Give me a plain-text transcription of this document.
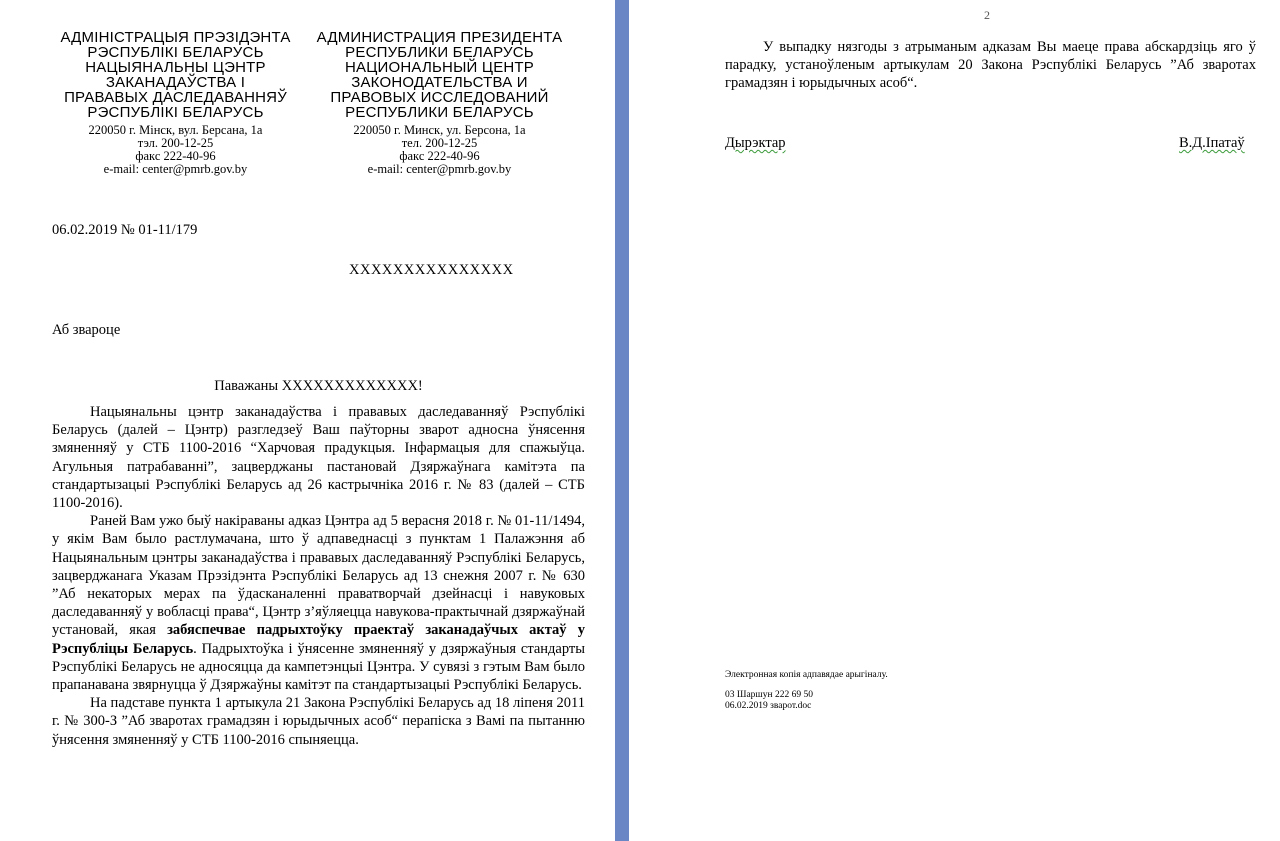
АДМІНІСТРАЦЫЯ ПРЭЗІДЭНТА
РЭСПУБЛІКІ БЕЛАРУСЬ
НАЦЫЯНАЛЬНЫ ЦЭНТР
ЗАКАНАДАЎСТВА І
ПРАВАВЫХ ДАСЛЕДАВАННЯЎ
РЭСПУБЛІКІ БЕЛАРУСЬ
220050 г. Мінск, вул. Берсана, 1а
тэл. 200-12-25
факс 222-40-96
e-mail: center@pmrb.gov.by
АДМИНИСТРАЦИЯ ПРЕЗИДЕНТА
РЕСПУБЛИКИ БЕЛАРУСЬ
НАЦИОНАЛЬНЫЙ ЦЕНТР
ЗАКОНОДАТЕЛЬСТВА И
ПРАВОВЫХ ИССЛЕДОВАНИЙ
РЕСПУБЛИКИ БЕЛАРУСЬ
220050 г. Минск, ул. Берсона, 1а
тел. 200-12-25
факс 222-40-96
e-mail: center@pmrb.gov.by
06.02.2019 № 01-11/179
XXXXXXXXXXXXXXX
Аб звароце
Паважаны XXXXXXXXXXXXX!

Нацыянальны цэнтр заканадаўства і прававых даследаванняў Рэспублікі Беларусь (далей – Цэнтр) разгледзеў Ваш паўторны зварот адносна ўнясення змяненняў у СТБ 1100-2016 “Харчовая прадукцыя. Інфармацыя для спажыўца. Агульныя патрабаванні”, зацверджаны пастановай Дзяржаўнага камітэта па стандартызацыі Рэспублікі Беларусь ад 26 кастрычніка 2016 г. № 83 (далей – СТБ 1100-2016).

Раней Вам ужо быў накіраваны адказ Цэнтра ад 5 верасня 2018 г. № 01-11/1494, у якім Вам было растлумачана, што ў адпаведнасці з пунктам 1 Палажэння аб Нацыянальным цэнтры заканадаўства і прававых даследаванняў Рэспублікі Беларусь, зацверджанага Указам Прэзідэнта Рэспублікі Беларусь ад 13 снежня 2007 г. № 630 ”Аб некаторых мерах па ўдасканаленні праватворчай дзейнасці і навуковых даследаванняў у вобласці права“, Цэнтр з’яўляецца навукова-практычнай дзяржаўнай установай, якая забяспечвае падрыхтоўку праектаў заканадаўчых актаў у Рэспубліцы Беларусь. Падрыхтоўка і ўнясенне змяненняў у дзяржаўныя стандарты Рэспублікі Беларусь не адносяцца да кампетэнцыі Цэнтра. У сувязі з гэтым Вам было прапанавана звярнуцца ў Дзяржаўны камітэт па стандартызацыі Рэспублікі Беларусь.

На падставе пункта 1 артыкула 21 Закона Рэспублікі Беларусь ад 18 ліпеня 2011 г. № 300-З ”Аб зваротах грамадзян і юрыдычных асоб“ перапіска з Вамі па пытанню ўнясення змяненняў у СТБ 1100-2016 спыняецца.

2

У выпадку нязгоды з атрыманым адказам Вы маеце права абскардзіць яго ў парадку, устаноўленым артыкулам 20 Закона Рэспублікі Беларусь ”Аб зваротах грамадзян і юрыдычных асоб“.

Дырэктар	В.Д.Іпатаў
Электронная копія адпавядае арыгіналу.
03 Шаршун 222 69 50
06.02.2019 зварот.doc
